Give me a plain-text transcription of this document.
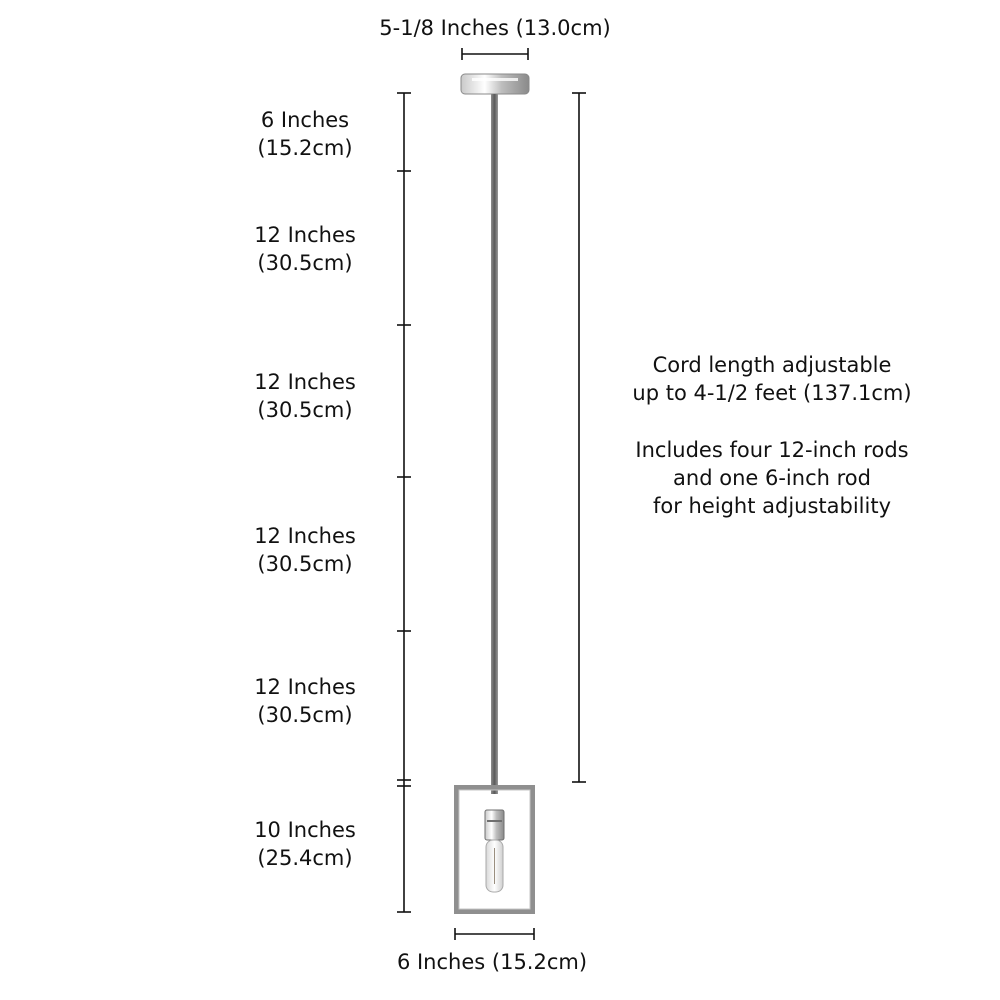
5-1/8 Inches (13.0cm)
6 Inches
(15.2cm)
12 Inches
(30.5cm)
12 Inches
(30.5cm)
12 Inches
(30.5cm)
12 Inches
(30.5cm)
10 Inches
(25.4cm)
Cord length adjustable
up to 4-1/2 feet (137.1cm)
Includes four 12-inch rods
and one 6-inch rod
for height adjustability
6 Inches (15.2cm)
